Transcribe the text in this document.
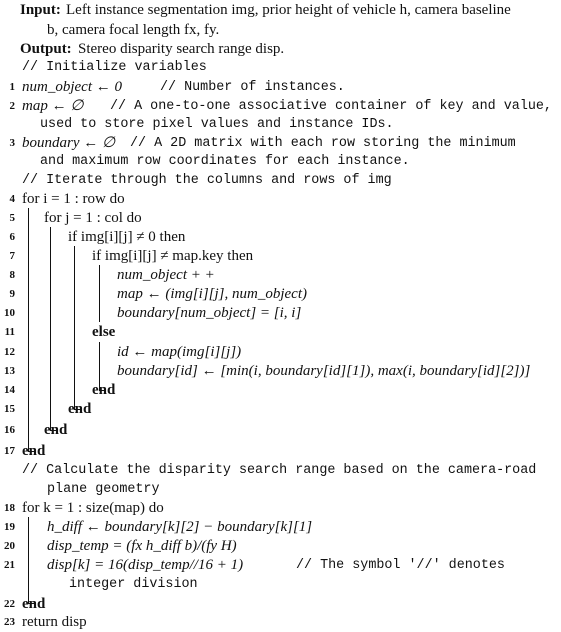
Input: Left instance segmentation img, prior height of vehicle h, camera baseline
b, camera focal length fx, fy.
Output: Stereo disparity search range disp.
// Initialize variables
1 num_object ← 0	// Number of instances.
2 map ← ∅ // A one-to-one associative container of key and value,
used to store pixel values and instance IDs.
3 boundary ← ∅ // A 2D matrix with each row storing the minimum
and maximum row coordinates for each instance.
// Iterate through the columns and rows of img
4 for i = 1 : row do
5 for j = 1 : col do
6	if img[i][j] ≠ 0 then
7	if img[i][j] ≠ map.key then
8	num_object + +
9	map ← (img[i][j], num_object)
10	boundary[num_object] = [i, i]
11	else
12	id ← map(img[i][j])
13	boundary[id] ← [min(i, boundary[id][1]), max(i, boundary[id][2])]
14	end
15	end
16 end
17 end
// Calculate the disparity search range based on the camera-road
plane geometry
18 for k = 1 : size(map) do
19 h_diff ← boundary[k][2] − boundary[k][1]
20 disp_temp = (fx h_diff b)/(fy H)
21 disp[k] = 16(disp_temp//16 + 1)	// The symbol '//' denotes
integer division
22 end
23 return disp
